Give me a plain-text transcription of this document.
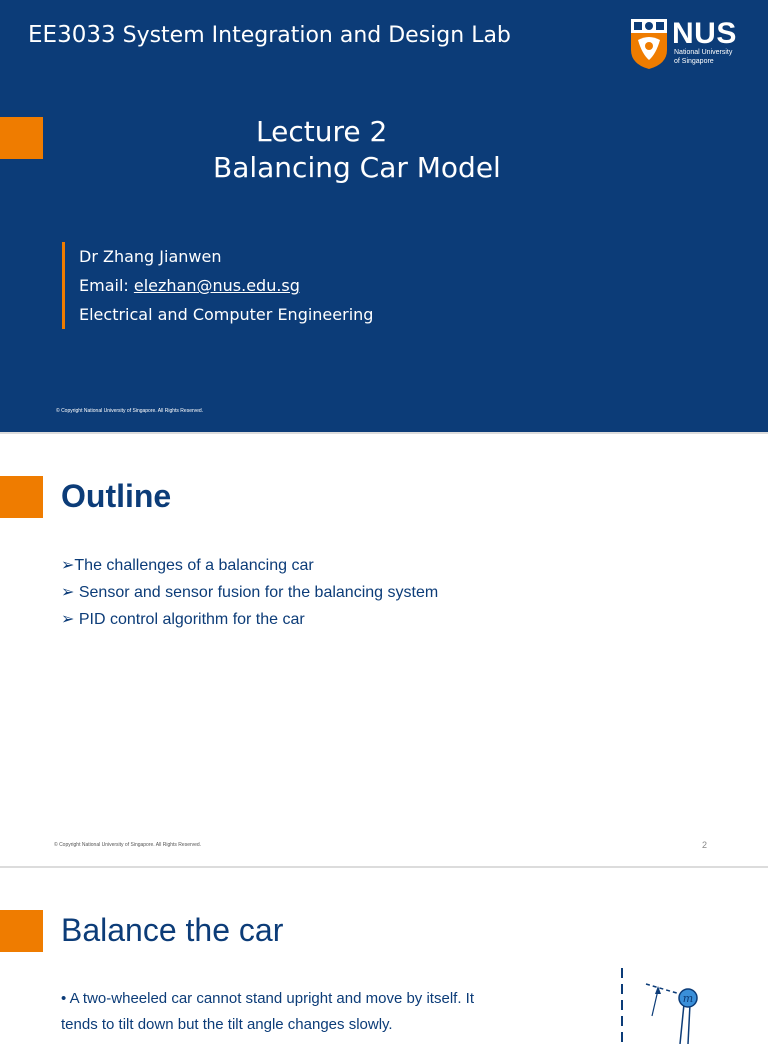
EE3033 System Integration and Design Lab	NUS
National University
of Singapore
Lecture 2
Balancing Car Model
Dr Zhang Jianwen
Email: elezhan@nus.edu.sg
Electrical and Computer Engineering
© Copyright National University of Singapore. All Rights Reserved.
Outline
➢The challenges of a balancing car
➢ Sensor and sensor fusion for the balancing system
➢ PID control algorithm for the car
© Copyright National University of Singapore. All Rights Reserved.	2
Balance the car
• A two-wheeled car cannot stand upright and move by itself. It tends to tilt down but the tilt angle changes slowly.
m
